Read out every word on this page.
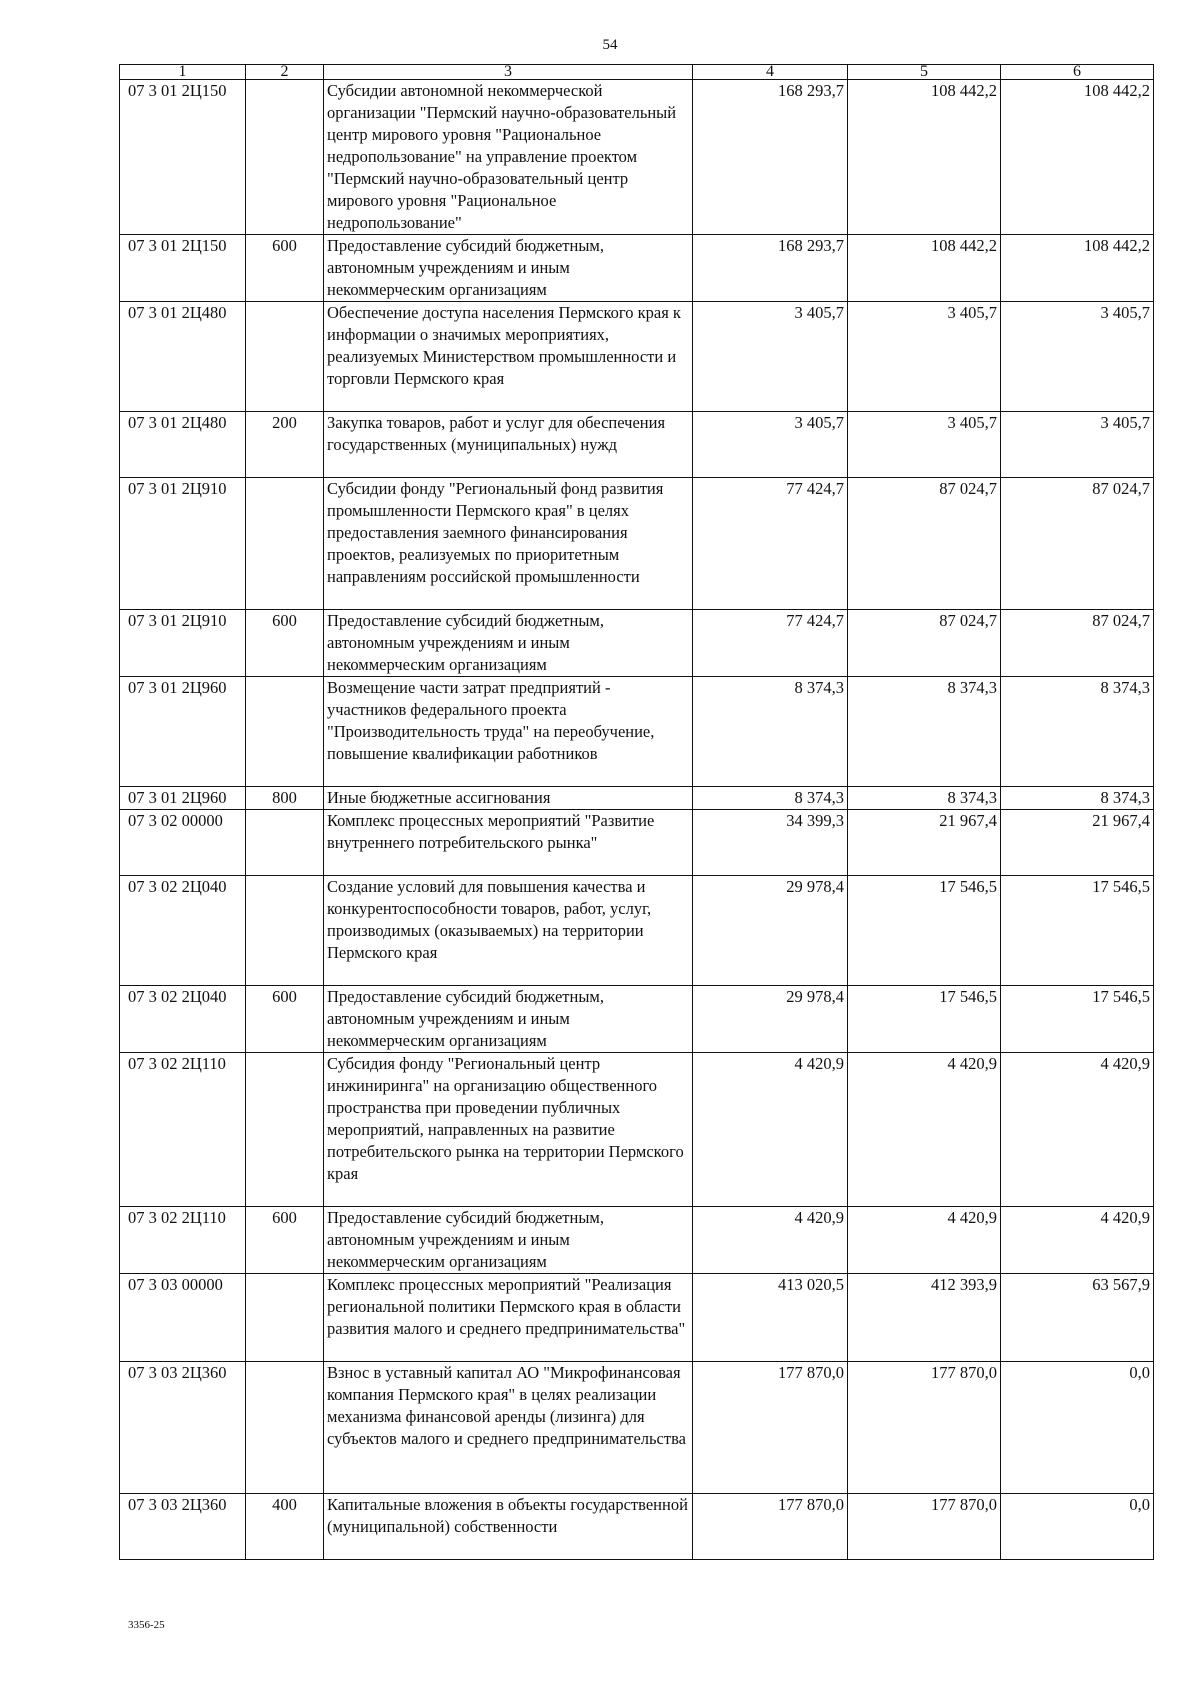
54
1	2	3	4	5	6
07 3 01 2Ц150		Субсидии автономной некоммерческой организации "Пермский научно-образовательный центр мирового уровня "Рациональное недропользование" на управление проектом "Пермский научно-образовательный центр мирового уровня "Рациональное недропользование"	168 293,7	108 442,2	108 442,2
07 3 01 2Ц150	600	Предоставление субсидий бюджетным, автономным учреждениям и иным некоммерческим организациям	168 293,7	108 442,2	108 442,2
07 3 01 2Ц480		Обеспечение доступа населения Пермского края к информации о значимых мероприятиях, реализуемых Министерством промышленности и торговли Пермского края	3 405,7	3 405,7	3 405,7
07 3 01 2Ц480	200	Закупка товаров, работ и услуг для обеспечения государственных (муниципальных) нужд	3 405,7	3 405,7	3 405,7
07 3 01 2Ц910		Субсидии фонду "Региональный фонд развития промышленности Пермского края" в целях предоставления заемного финансирования проектов, реализуемых по приоритетным направлениям российской промышленности	77 424,7	87 024,7	87 024,7
07 3 01 2Ц910	600	Предоставление субсидий бюджетным, автономным учреждениям и иным некоммерческим организациям	77 424,7	87 024,7	87 024,7
07 3 01 2Ц960		Возмещение части затрат предприятий - участников федерального проекта "Производительность труда" на переобучение, повышение квалификации работников	8 374,3	8 374,3	8 374,3
07 3 01 2Ц960	800	Иные бюджетные ассигнования	8 374,3	8 374,3	8 374,3
07 3 02 00000		Комплекс процессных мероприятий "Развитие внутреннего потребительского рынка"	34 399,3	21 967,4	21 967,4
07 3 02 2Ц040		Создание условий для повышения качества и конкурентоспособности товаров, работ, услуг, производимых (оказываемых) на территории Пермского края	29 978,4	17 546,5	17 546,5
07 3 02 2Ц040	600	Предоставление субсидий бюджетным, автономным учреждениям и иным некоммерческим организациям	29 978,4	17 546,5	17 546,5
07 3 02 2Ц110		Субсидия фонду "Региональный центр инжиниринга" на организацию общественного пространства при проведении публичных мероприятий, направленных на развитие потребительского рынка на территории Пермского края	4 420,9	4 420,9	4 420,9
07 3 02 2Ц110	600	Предоставление субсидий бюджетным, автономным учреждениям и иным некоммерческим организациям	4 420,9	4 420,9	4 420,9
07 3 03 00000		Комплекс процессных мероприятий "Реализация региональной политики Пермского края в области развития малого и среднего предпринимательства"	413 020,5	412 393,9	63 567,9
07 3 03 2Ц360		Взнос в уставный капитал АО "Микрофинансовая компания Пермского края" в целях реализации механизма финансовой аренды (лизинга) для субъектов малого и среднего предпринимательства	177 870,0	177 870,0	0,0
07 3 03 2Ц360	400	Капитальные вложения в объекты государственной (муниципальной) собственности	177 870,0	177 870,0	0,0
3356-25
